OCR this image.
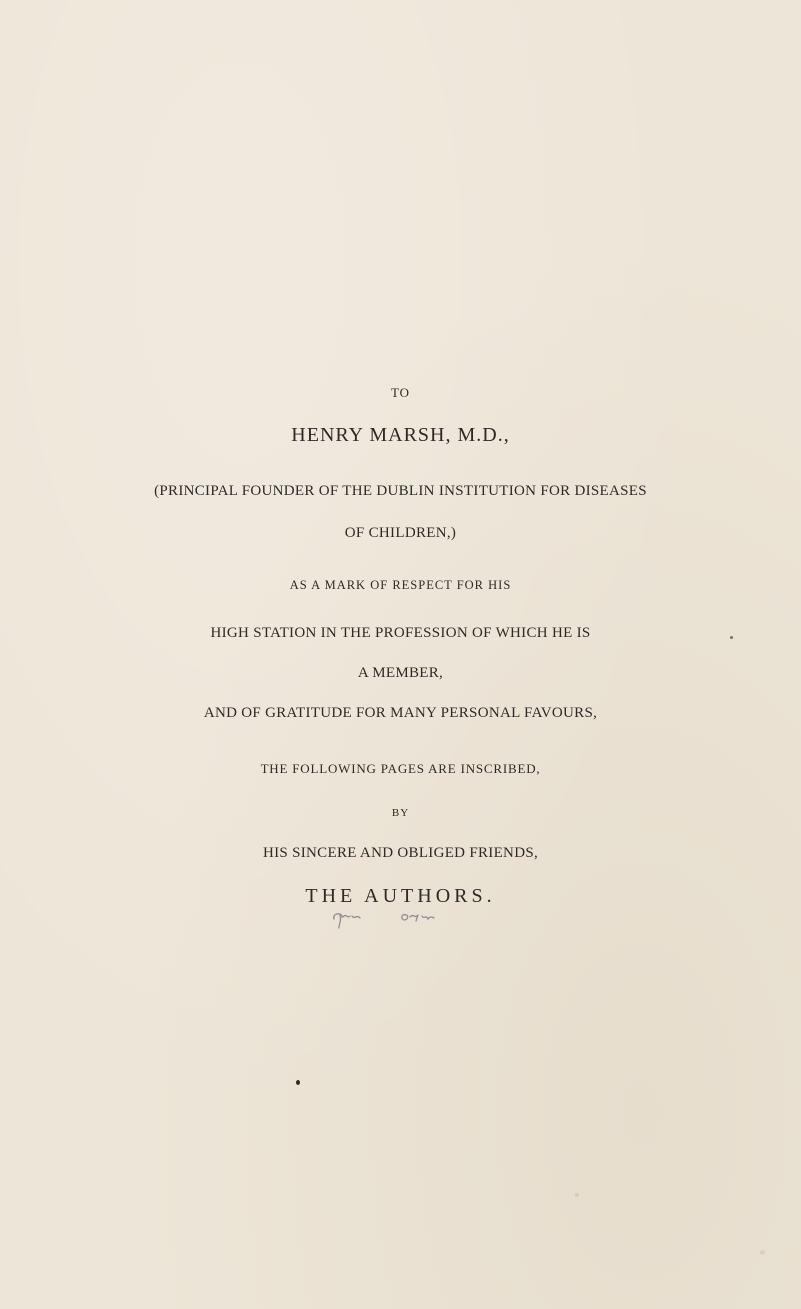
TO
HENRY MARSH, M.D.,
(PRINCIPAL FOUNDER OF THE DUBLIN INSTITUTION FOR DISEASES
OF CHILDREN,)
AS A MARK OF RESPECT FOR HIS
HIGH STATION IN THE PROFESSION OF WHICH HE IS
A MEMBER,
AND OF GRATITUDE FOR MANY PERSONAL FAVOURS,
THE FOLLOWING PAGES ARE INSCRIBED,
BY
HIS SINCERE AND OBLIGED FRIENDS,
THE AUTHORS.
